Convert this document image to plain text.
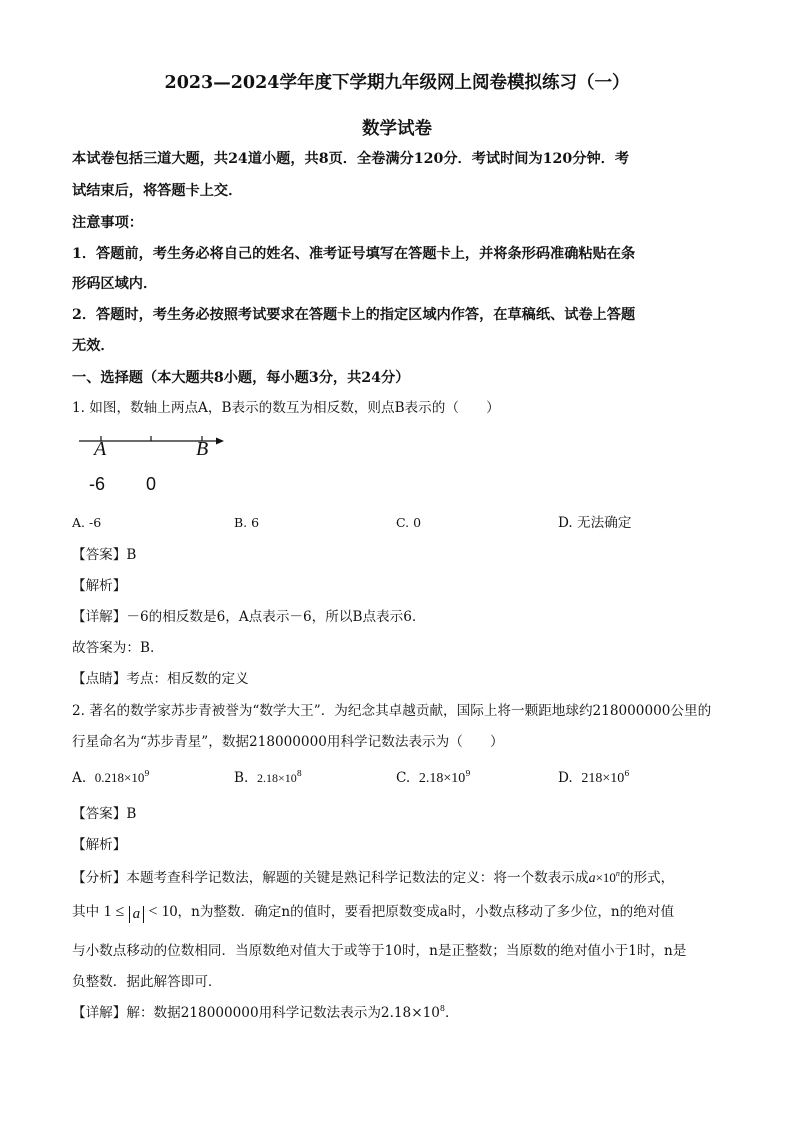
2023—2024学年度下学期九年级网上阅卷模拟练习（一）
数学试卷
本试卷包括三道大题，共24道小题，共8页．全卷满分120分．考试时间为120分钟．考
试结束后，将答题卡上交．
注意事项：
1．答题前，考生务必将自己的姓名、准考证号填写在答题卡上，并将条形码准确粘贴在条
形码区域内．
2．答题时，考生务必按照考试要求在答题卡上的指定区域内作答，在草稿纸、试卷上答题
无效．
一、选择题（本大题共8小题，每小题3分，共24分）
1. 如图，数轴上两点A，B表示的数互为相反数，则点B表示的（　　）
A	B
-6 0
A. -6	B. 6	C. 0	D. 无法确定
【答案】B
【解析】
【详解】－6的相反数是6，A点表示－6，所以B点表示6.
故答案为：B.
【点睛】考点：相反数的定义
2. 著名的数学家苏步青被誉为“数学大王”．为纪念其卓越贡献，国际上将一颗距地球约218000000公里的
行星命名为“苏步青星”，数据218000000用科学记数法表示为（　　）
A. $0.218\times 10^9$	B. $2.18\times 10^8$	C. $2.18\times 10^9$	D. $218\times 10^6$
【答案】B
【解析】
【分析】本题考查科学记数法，解题的关键是熟记科学记数法的定义：将一个数表示成$a\times 10^n$的形式，
其中 1 ≤ a < 10，n为整数．确定n的值时，要看把原数变成a时，小数点移动了多少位，n的绝对值
与小数点移动的位数相同．当原数绝对值大于或等于10时，n是正整数；当原数的绝对值小于1时，n是
负整数．据此解答即可．
【详解】解：数据218000000用科学记数法表示为$2.18\times 10^8$．
